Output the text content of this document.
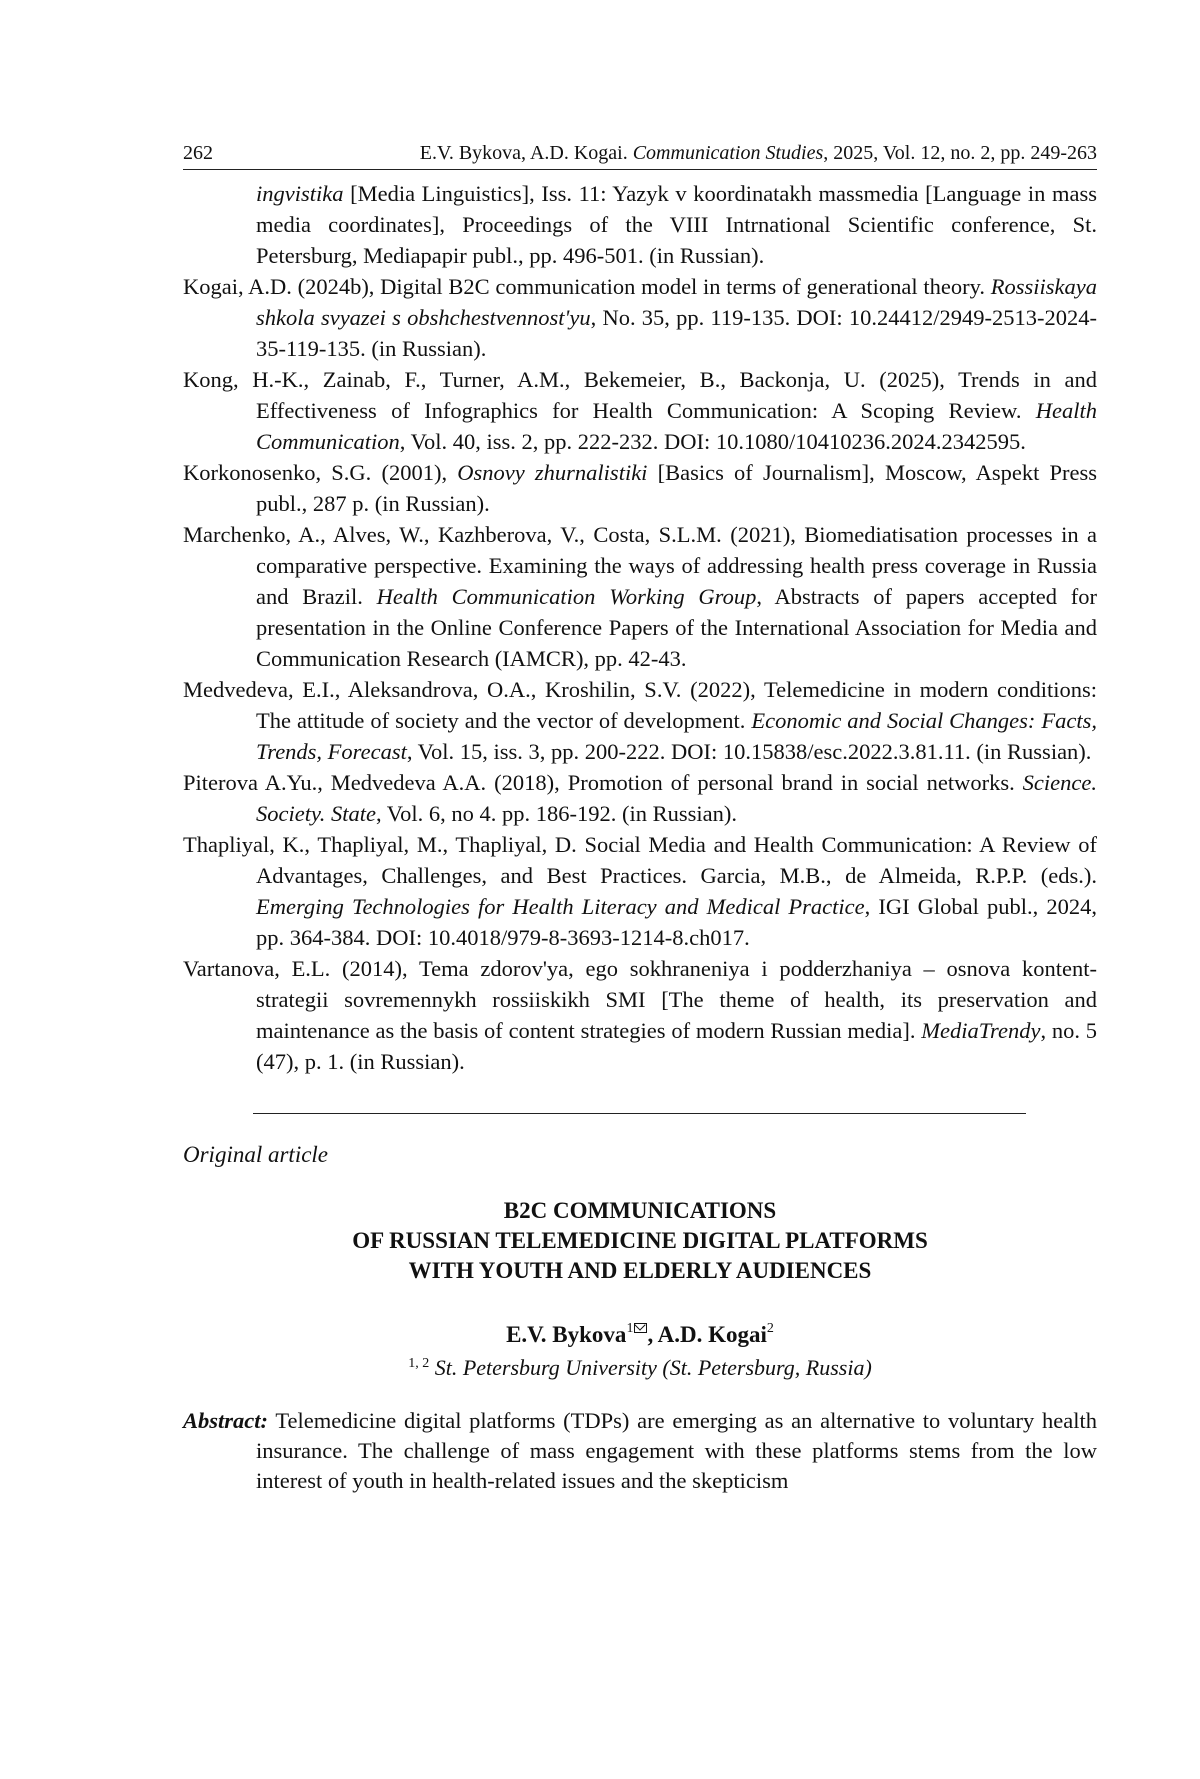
262	E.V. Bykova, A.D. Kogai. Communication Studies, 2025, Vol. 12, no. 2, pp. 249-263

ingvistika [Media Linguistics], Iss. 11: Yazyk v koordinatakh massmedia [Language in mass media coordinates], Proceedings of the VIII Intrnational Scientific conference, St. Petersburg, Mediapapir publ., pp. 496-501. (in Russian).

Kogai, A.D. (2024b), Digital B2C communication model in terms of generational theory. Rossiiskaya shkola svyazei s obshchestvennost'yu, No. 35, pp. 119-135. DOI: 10.24412/2949-2513-2024-35-119-135. (in Russian).

Kong, H.-K., Zainab, F., Turner, A.M., Bekemeier, B., Backonja, U. (2025), Trends in and Effectiveness of Infographics for Health Communication: A Scoping Review. Health Communication, Vol. 40, iss. 2, pp. 222-232. DOI: 10.1080/10410236.2024.2342595.

Korkonosenko, S.G. (2001), Osnovy zhurnalistiki [Basics of Journalism], Moscow, Aspekt Press publ., 287 p. (in Russian).

Marchenko, A., Alves, W., Kazhberova, V., Costa, S.L.M. (2021), Biomediatisation processes in a comparative perspective. Examining the ways of addressing health press coverage in Russia and Brazil. Health Communication Working Group, Abstracts of papers accepted for presentation in the Online Conference Papers of the International Association for Media and Communication Research (IAMCR), pp. 42-43.

Medvedeva, E.I., Aleksandrova, O.A., Kroshilin, S.V. (2022), Telemedicine in modern conditions: The attitude of society and the vector of development. Economic and Social Changes: Facts, Trends, Forecast, Vol. 15, iss. 3, pp. 200-222. DOI: 10.15838/esc.2022.3.81.11. (in Russian).

Piterova A.Yu., Medvedeva A.A. (2018), Promotion of personal brand in social networks. Science. Society. State, Vol. 6, no 4. pp. 186-192. (in Russian).

Thapliyal, K., Thapliyal, M., Thapliyal, D. Social Media and Health Communication: A Review of Advantages, Challenges, and Best Practices. Garcia, M.B., de Almeida, R.P.P. (eds.). Emerging Technologies for Health Literacy and Medical Practice, IGI Global publ., 2024, pp. 364-384. DOI: 10.4018/979-8-3693-1214-8.ch017.

Vartanova, E.L. (2014), Tema zdorov'ya, ego sokhraneniya i podderzhaniya – osnova kontent-strategii sovremennykh rossiiskikh SMI [The theme of health, its preservation and maintenance as the basis of content strategies of modern Russian media]. MediaTrendy, no. 5 (47), p. 1. (in Russian).

Original article
B2C COMMUNICATIONS
OF RUSSIAN TELEMEDICINE DIGITAL PLATFORMS
WITH YOUTH AND ELDERLY AUDIENCES
E.V. Bykova$^1$ , A.D. Kogai$^2$
$^{1, 2}$ St. Petersburg University (St. Petersburg, Russia)
Abstract: Telemedicine digital platforms (TDPs) are emerging as an alternative to voluntary health insurance. The challenge of mass engagement with these platforms stems from the low interest of youth in health-related issues and the skepticism
